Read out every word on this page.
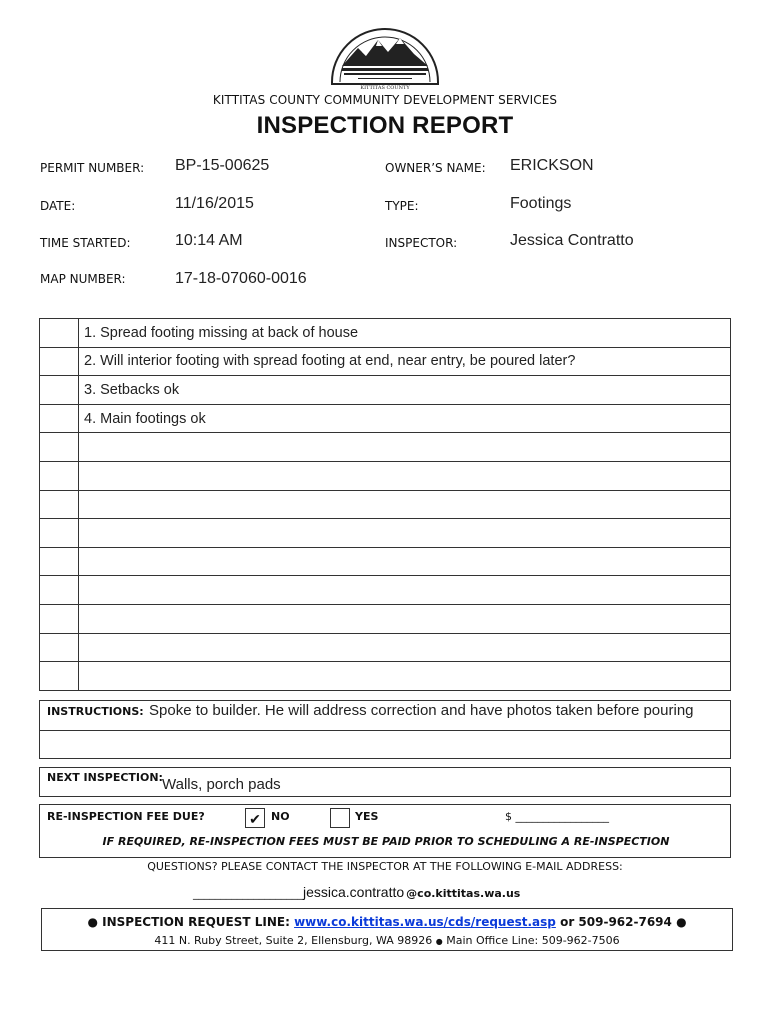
KITTITAS COUNTY
KITTITAS COUNTY COMMUNITY DEVELOPMENT SERVICES
INSPECTION REPORT
PERMIT NUMBER: BP-15-00625	OWNER’S NAME: ERICKSON
DATE:	11/16/2015	TYPE:	Footings
TIME STARTED:	10:14 AM	INSPECTOR:	Jessica Contratto
MAP NUMBER:	17-18-07060-0016
	1. Spread footing missing at back of house
	2. Will interior footing with spread footing at end, near entry, be poured later?
	3. Setbacks ok
	4. Main footings ok

INSTRUCTIONS: Spoke to builder. He will address correction and have photos taken before pouring
NEXT INSPECTION: Walls, porch pads
RE-INSPECTION FEE DUE?	✔ NO	YES	$ _________________
IF REQUIRED, RE-INSPECTION FEES MUST BE PAID PRIOR TO SCHEDULING A RE-INSPECTION
QUESTIONS? PLEASE CONTACT THE INSPECTOR AT THE FOLLOWING E-MAIL ADDRESS:
____________________jessica.contratto @co.kittitas.wa.us
● INSPECTION REQUEST LINE: www.co.kittitas.wa.us/cds/request.asp or 509-962-7694 ●
411 N. Ruby Street, Suite 2, Ellensburg, WA 98926 ● Main Office Line: 509-962-7506
